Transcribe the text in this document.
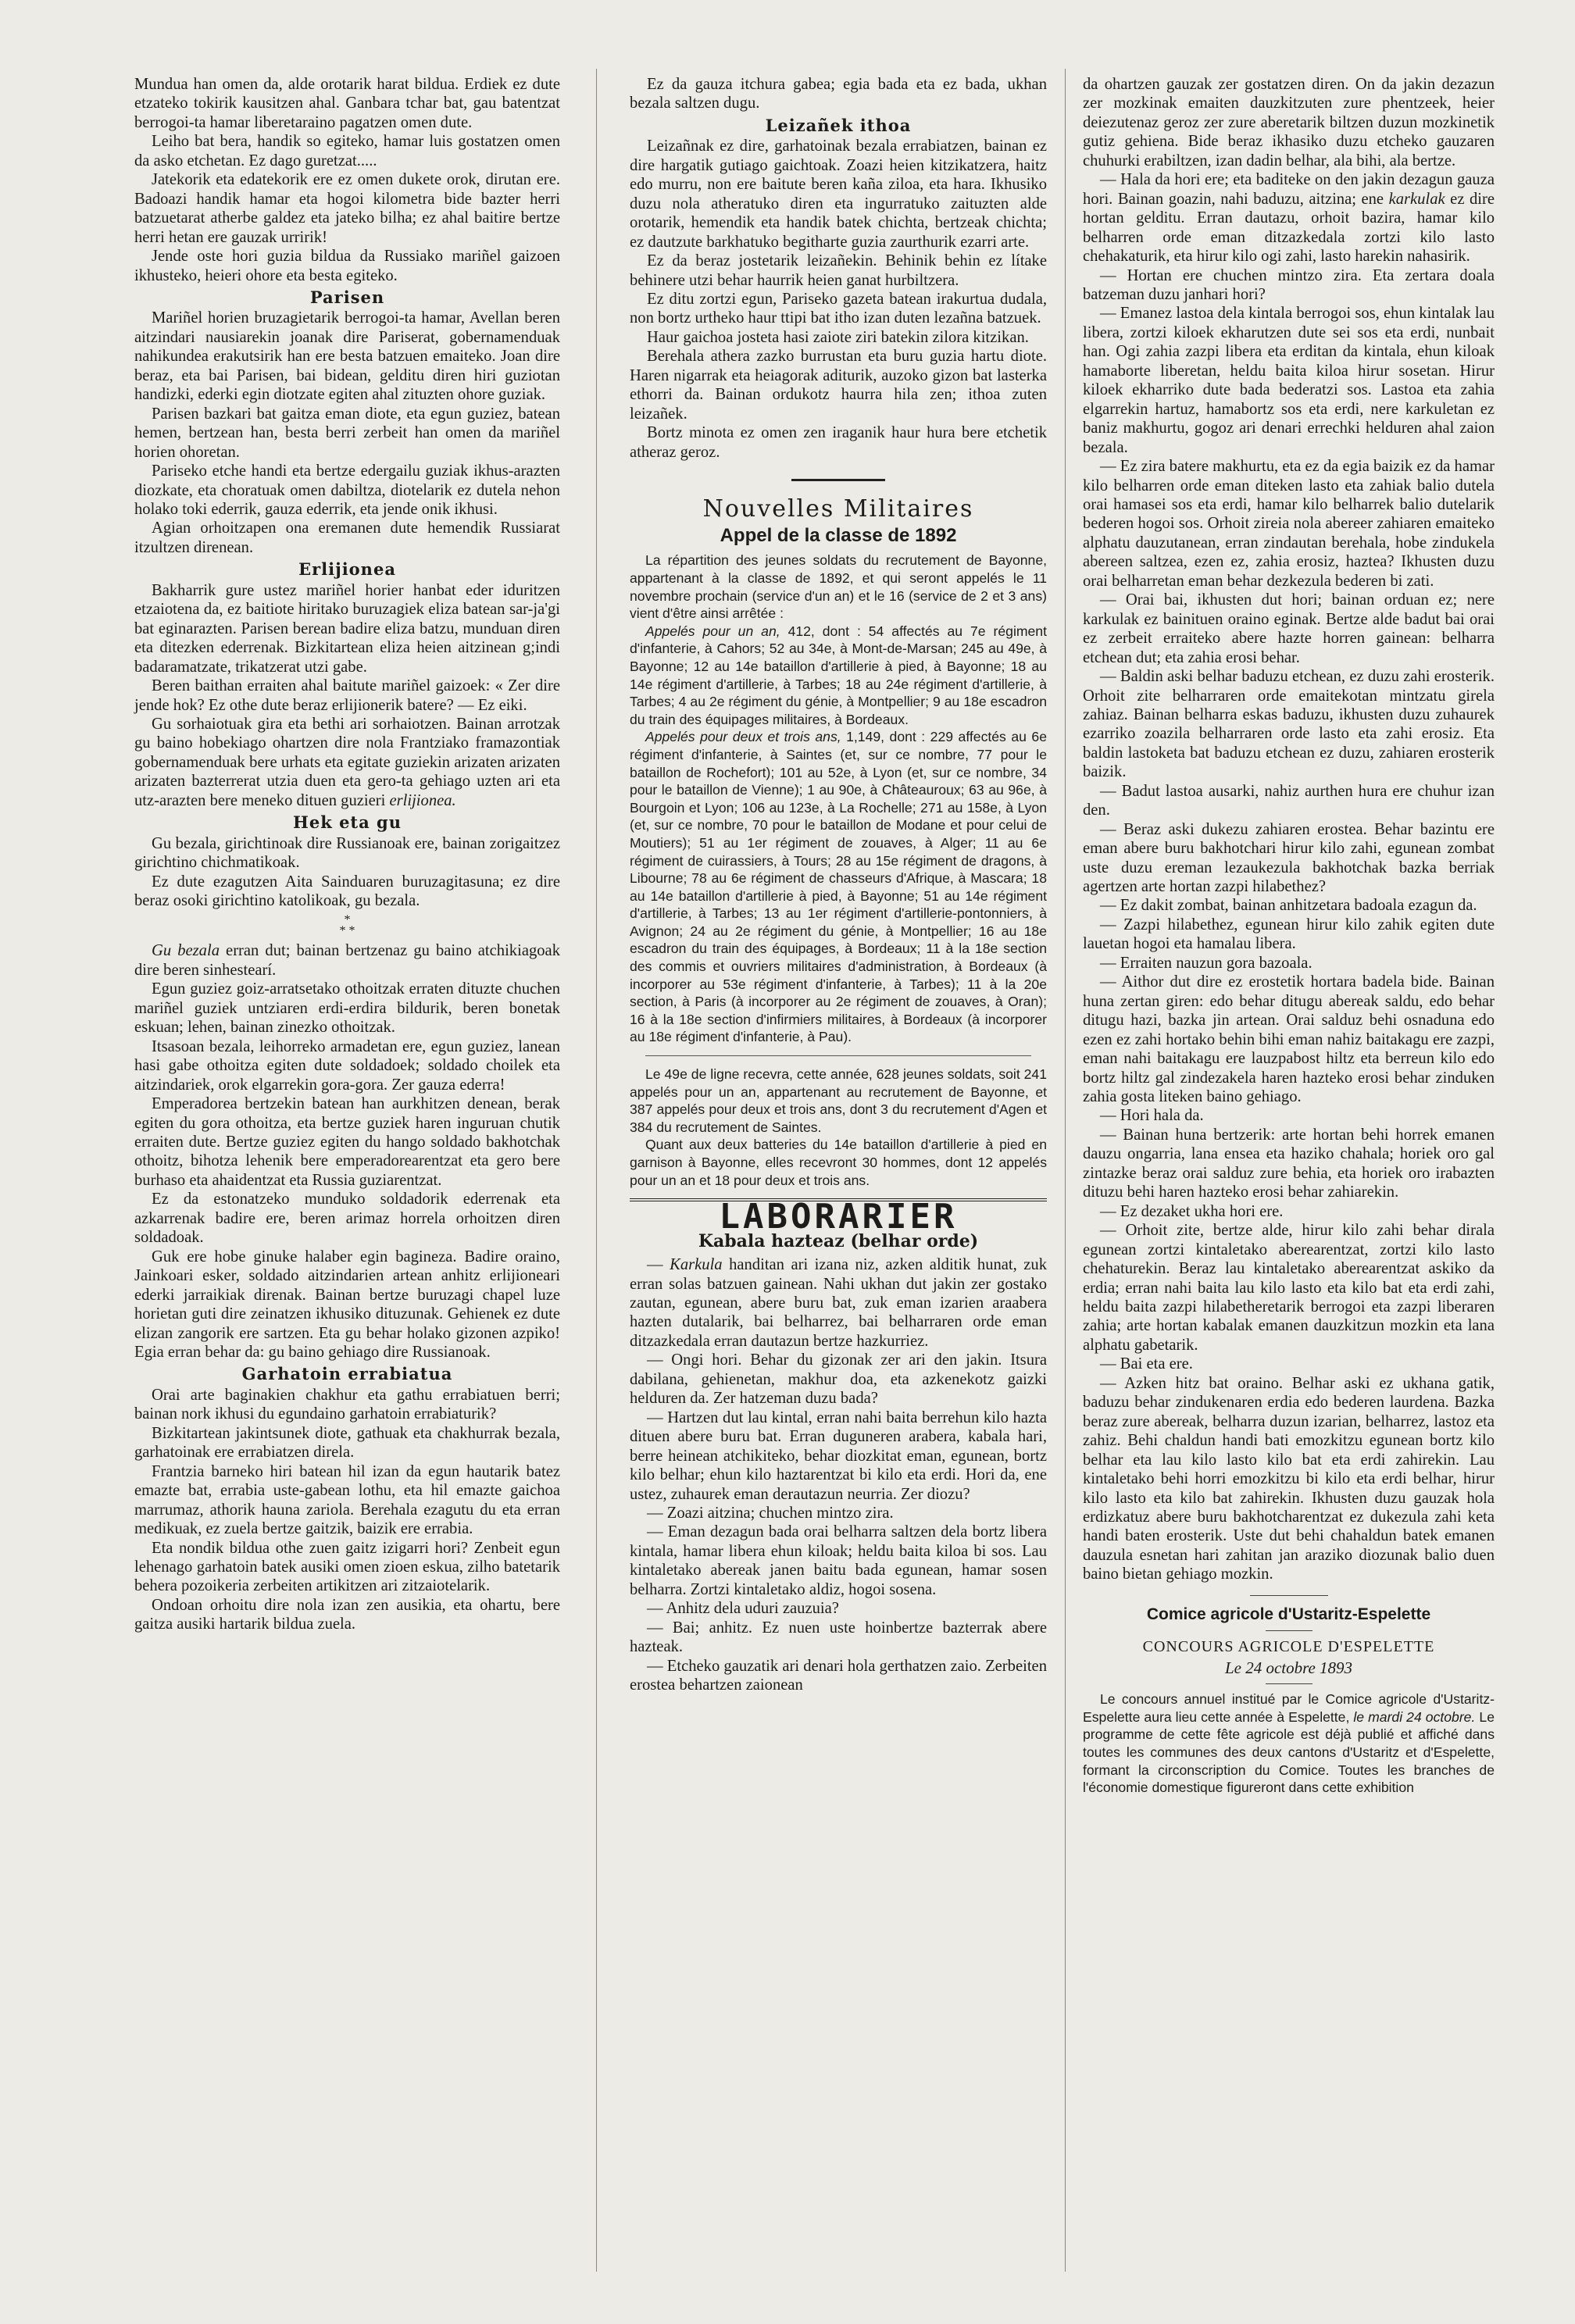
Mundua han omen da, alde orotarik harat bildua. Erdiek ez dute etzateko tokirik kausitzen ahal. Ganbara tchar bat, gau batentzat berrogoi-ta hamar liberetaraino pagatzen omen dute.

Leiho bat bera, handik so egiteko, hamar luis gostatzen omen da asko etchetan. Ez dago guretzat.....

Jatekorik eta edatekorik ere ez omen dukete orok, dirutan ere. Badoazi handik hamar eta hogoi kilometra bide bazter herri batzuetarat atherbe galdez eta jateko bilha; ez ahal baitire bertze herri hetan ere gauzak urririk!

Jende oste hori guzia bildua da Russiako mariñel gaizoen ikhusteko, heieri ohore eta besta egiteko.

Parisen

Mariñel horien bruzagietarik berrogoi-ta hamar, Avellan beren aitzindari nausiarekin joanak dire Pariserat, gobernamenduak nahikundea erakutsirik han ere besta batzuen emaiteko. Joan dire beraz, eta bai Parisen, bai bidean, gelditu diren hiri guziotan handizki, ederki egin diotzate egiten ahal zituzten ohore guziak.

Parisen bazkari bat gaitza eman diote, eta egun guziez, batean hemen, bertzean han, besta berri zerbeit han omen da mariñel horien ohoretan.

Pariseko etche handi eta bertze edergailu guziak ikhus-arazten diozkate, eta choratuak omen dabiltza, diotelarik ez dutela nehon holako toki ederrik, gauza ederrik, eta jende onik ikhusi.

Agian orhoitzapen ona eremanen dute hemendik Russiarat itzultzen direnean.

Erlijionea

Bakharrik gure ustez mariñel horier hanbat eder iduritzen etzaiotena da, ez baitiote hiritako buruzagiek eliza batean sar-ja'gi bat eginarazten. Parisen berean badire eliza batzu, munduan diren eta ditezken ederrenak. Bizkitartean eliza heien aitzinean g;indi badaramatzate, trikatzerat utzi gabe.

Beren baithan erraiten ahal baitute mariñel gaizoek: « Zer dire jende hok? Ez othe dute beraz erlijionerik batere? — Ez eiki.

Gu sorhaiotuak gira eta bethi ari sorhaiotzen. Bainan arrotzak gu baino hobekiago ohartzen dire nola Frantziako framazontiak gobernamenduak bere urhats eta egitate guziekin arizaten arizaten arizaten bazterrerat utzia duen eta gero-ta gehiago uzten ari eta utz-arazten bere meneko dituen guzieri erlijionea.

Hek eta gu

Gu bezala, girichtinoak dire Russianoak ere, bainan zorigaitzez girichtino chichmatikoak.

Ez dute ezagutzen Aita Sainduaren buruzagitasuna; ez dire beraz osoki girichtino katolikoak, gu bezala.

*
* *

Gu bezala erran dut; bainan bertzenaz gu baino atchikiagoak dire beren sinhestearí.

Egun guziez goiz-arratsetako othoitzak erraten dituzte chuchen mariñel guziek untziaren erdi-erdira bildurik, beren bonetak eskuan; lehen, bainan zinezko othoitzak.

Itsasoan bezala, leihorreko armadetan ere, egun guziez, lanean hasi gabe othoitza egiten dute soldadoek; soldado choilek eta aitzindariek, orok elgarrekin gora-gora. Zer gauza ederra!

Emperadorea bertzekin batean han aurkhitzen denean, berak egiten du gora othoitza, eta bertze guziek haren inguruan chutik erraiten dute. Bertze guziez egiten du hango soldado bakhotchak othoitz, bihotza lehenik bere emperadorearentzat eta gero bere burhaso eta ahaidentzat eta Russia guziarentzat.

Ez da estonatzeko munduko soldadorik ederrenak eta azkarrenak badire ere, beren arimaz horrela orhoitzen diren soldadoak.

Guk ere hobe ginuke halaber egin bagineza. Badire oraino, Jainkoari esker, soldado aitzindarien artean anhitz erlijioneari ederki jarraikiak direnak. Bainan bertze buruzagi chapel luze horietan guti dire zeinatzen ikhusiko dituzunak. Gehienek ez dute elizan zangorik ere sartzen. Eta gu behar holako gizonen azpiko! Egia erran behar da: gu baino gehiago dire Russianoak.

Garhatoin errabiatua

Orai arte baginakien chakhur eta gathu errabiatuen berri; bainan nork ikhusi du egundaino garhatoin errabiaturik?

Bizkitartean jakintsunek diote, gathuak eta chakhurrak bezala, garhatoinak ere errabiatzen direla.

Frantzia barneko hiri batean hil izan da egun hautarik batez emazte bat, errabia uste-gabean lothu, eta hil emazte gaichoa marrumaz, athorik hauna zariola. Berehala ezagutu du eta erran medikuak, ez zuela bertze gaitzik, baizik ere errabia.

Eta nondik bildua othe zuen gaitz izigarri hori? Zenbeit egun lehenago garhatoin batek ausiki omen zioen eskua, zilho batetarik behera pozoikeria zerbeiten artikitzen ari zitzaiotelarik.

Ondoan orhoitu dire nola izan zen ausikia, eta ohartu, bere gaitza ausiki hartarik bildua zuela.

Ez da gauza itchura gabea; egia bada eta ez bada, ukhan bezala saltzen dugu.

Leizañek ithoa

Leizañnak ez dire, garhatoinak bezala errabiatzen, bainan ez dire hargatik gutiago gaichtoak. Zoazi heien kitzikatzera, haitz edo murru, non ere baitute beren kaña ziloa, eta hara. Ikhusiko duzu nola atheratuko diren eta ingurratuko zaituzten alde orotarik, hemendik eta handik batek chichta, bertzeak chichta; ez dautzute barkhatuko begitharte guzia zaurthurik ezarri arte.

Ez da beraz jostetarik leizañekin. Behinik behin ez lítake behinere utzi behar haurrik heien ganat hurbiltzera.

Ez ditu zortzi egun, Pariseko gazeta batean irakurtua dudala, non bortz urtheko haur ttipi bat itho izan duten lezañna batzuek.

Haur gaichoa josteta hasi zaiote ziri batekin zilora kitzikan.

Berehala athera zazko burrustan eta buru guzia hartu diote. Haren nigarrak eta heiagorak aditurik, auzoko gizon bat lasterka ethorri da. Bainan ordukotz haurra hila zen; ithoa zuten leizañek.

Bortz minota ez omen zen iraganik haur hura bere etchetik atheraz geroz.

Nouvelles Militaires
Appel de la classe de 1892

La répartition des jeunes soldats du recrutement de Bayonne, appartenant à la classe de 1892, et qui seront appelés le 11 novembre prochain (service d'un an) et le 16 (service de 2 et 3 ans) vient d'être ainsi arrêtée :

Appelés pour un an, 412, dont : 54 affectés au 7e régiment d'infanterie, à Cahors; 52 au 34e, à Mont-de-Marsan; 245 au 49e, à Bayonne; 12 au 14e bataillon d'artillerie à pied, à Bayonne; 18 au 14e régiment d'artillerie, à Tarbes; 18 au 24e régiment d'artillerie, à Tarbes; 4 au 2e régiment du génie, à Montpellier; 9 au 18e escadron du train des équipages militaires, à Bordeaux.

Appelés pour deux et trois ans, 1,149, dont : 229 affectés au 6e régiment d'infanterie, à Saintes (et, sur ce nombre, 77 pour le bataillon de Rochefort); 101 au 52e, à Lyon (et, sur ce nombre, 34 pour le bataillon de Vienne); 1 au 90e, à Châteauroux; 63 au 96e, à Bourgoin et Lyon; 106 au 123e, à La Rochelle; 271 au 158e, à Lyon (et, sur ce nombre, 70 pour le bataillon de Modane et pour celui de Moutiers); 51 au 1er régiment de zouaves, à Alger; 11 au 6e régiment de cuirassiers, à Tours; 28 au 15e régiment de dragons, à Libourne; 78 au 6e régiment de chasseurs d'Afrique, à Mascara; 18 au 14e bataillon d'artillerie à pied, à Bayonne; 51 au 14e régiment d'artillerie, à Tarbes; 13 au 1er régiment d'artillerie-pontonniers, à Avignon; 24 au 2e régiment du génie, à Montpellier; 16 au 18e escadron du train des équipages, à Bordeaux; 11 à la 18e section des commis et ouvriers militaires d'administration, à Bordeaux (à incorporer au 53e régiment d'infanterie, à Tarbes); 11 à la 20e section, à Paris (à incorporer au 2e régiment de zouaves, à Oran); 16 à la 18e section d'infirmiers militaires, à Bordeaux (à incorporer au 18e régiment d'infanterie, à Pau).

Le 49e de ligne recevra, cette année, 628 jeunes soldats, soit 241 appelés pour un an, appartenant au recrutement de Bayonne, et 387 appelés pour deux et trois ans, dont 3 du recrutement d'Agen et 384 du recrutement de Saintes.

Quant aux deux batteries du 14e bataillon d'artillerie à pied en garnison à Bayonne, elles recevront 30 hommes, dont 12 appelés pour un an et 18 pour deux et trois ans.

LABORARIER
Kabala hazteaz (belhar orde)

— Karkula handitan ari izana niz, azken alditik hunat, zuk erran solas batzuen gainean. Nahi ukhan dut jakin zer gostako zautan, egunean, abere buru bat, zuk eman izarien araabera hazten dutalarik, bai belharrez, bai belharraren orde eman ditzazkedala erran dautazun bertze hazkurriez.

— Ongi hori. Behar du gizonak zer ari den jakin. Itsura dabilana, gehienetan, makhur doa, eta azkenekotz gaizki helduren da. Zer hatzeman duzu bada?

— Hartzen dut lau kintal, erran nahi baita berrehun kilo hazta dituen abere buru bat. Erran duguneren arabera, kabala hari, berre heinean atchikiteko, behar diozkitat eman, egunean, bortz kilo belhar; ehun kilo haztarentzat bi kilo eta erdi. Hori da, ene ustez, zuhaurek eman derautazun neurria. Zer diozu?

— Zoazi aitzina; chuchen mintzo zira.

— Eman dezagun bada orai belharra saltzen dela bortz libera kintala, hamar libera ehun kiloak; heldu baita kiloa bi sos. Lau kintaletako abereak janen baitu bada egunean, hamar sosen belharra. Zortzi kintaletako aldiz, hogoi sosena.

— Anhitz dela uduri zauzuia?

— Bai; anhitz. Ez nuen uste hoinbertze bazterrak abere hazteak.

— Etcheko gauzatik ari denari hola gerthatzen zaio. Zerbeiten erostea behartzen zaionean

da ohartzen gauzak zer gostatzen diren. On da jakin dezazun zer mozkinak emaiten dauzkitzuten zure phentzeek, heier deiezutenaz geroz zer zure aberetarik biltzen duzun mozkinetik gutiz gehiena. Bide beraz ikhasiko duzu etcheko gauzaren chuhurki erabiltzen, izan dadin belhar, ala bihi, ala bertze.

— Hala da hori ere; eta baditeke on den jakin dezagun gauza hori. Bainan goazin, nahi baduzu, aitzina; ene karkulak ez dire hortan gelditu. Erran dautazu, orhoit bazira, hamar kilo belharren orde eman ditzazkedala zortzi kilo lasto chehakaturik, eta hirur kilo ogi zahi, lasto harekin nahasirik.

— Hortan ere chuchen mintzo zira. Eta zertara doala batzeman duzu janhari hori?

— Emanez lastoa dela kintala berrogoi sos, ehun kintalak lau libera, zortzi kiloek ekharutzen dute sei sos eta erdi, nunbait han. Ogi zahia zazpi libera eta erditan da kintala, ehun kiloak hamaborte liberetan, heldu baita kiloa hirur sosetan. Hirur kiloek ekharriko dute bada bederatzi sos. Lastoa eta zahia elgarrekin hartuz, hamabortz sos eta erdi, nere karkuletan ez baniz makhurtu, gogoz ari denari errechki helduren ahal zaion bezala.

— Ez zira batere makhurtu, eta ez da egia baizik ez da hamar kilo belharren orde eman diteken lasto eta zahiak balio dutela orai hamasei sos eta erdi, hamar kilo belharrek balio dutelarik bederen hogoi sos. Orhoit zireia nola abereer zahiaren emaiteko alphatu dauzutanean, erran zindautan berehala, hobe zindukela abereen saltzea, ezen ez, zahia erosiz, haztea? Ikhusten duzu orai belharretan eman behar dezkezula bederen bi zati.

— Orai bai, ikhusten dut hori; bainan orduan ez; nere karkulak ez bainituen oraino eginak. Bertze alde badut bai orai ez zerbeit erraiteko abere hazte horren gainean: belharra etchean dut; eta zahia erosi behar.

— Baldin aski belhar baduzu etchean, ez duzu zahi erosterik. Orhoit zite belharraren orde emaitekotan mintzatu girela zahiaz. Bainan belharra eskas baduzu, ikhusten duzu zuhaurek ezarriko zoazila belharraren orde lasto eta zahi erosiz. Eta baldin lastoketa bat baduzu etchean ez duzu, zahiaren erosterik baizik.

— Badut lastoa ausarki, nahiz aurthen hura ere chuhur izan den.

— Beraz aski dukezu zahiaren erostea. Behar bazintu ere eman abere buru bakhotchari hirur kilo zahi, egunean zombat uste duzu ereman lezaukezula bakhotchak bazka berriak agertzen arte hortan zazpi hilabethez?

— Ez dakit zombat, bainan anhitzetara badoala ezagun da.

— Zazpi hilabethez, egunean hirur kilo zahik egiten dute lauetan hogoi eta hamalau libera.

— Erraiten nauzun gora bazoala.

— Aithor dut dire ez erostetik hortara badela bide. Bainan huna zertan giren: edo behar ditugu abereak saldu, edo behar ditugu hazi, bazka jin artean. Orai salduz behi osnaduna edo ezen ez zahi hortako behin bihi eman nahiz baitakagu ere zazpi, eman nahi baitakagu ere lauzpabost hiltz eta berreun kilo edo bortz hiltz gal zindezakela haren hazteko erosi behar zinduken zahia gosta liteken baino gehiago.

— Hori hala da.

— Bainan huna bertzerik: arte hortan behi horrek emanen dauzu ongarria, lana ensea eta haziko chahala; horiek oro gal zintazke beraz orai salduz zure behia, eta horiek oro irabazten dituzu behi haren hazteko erosi behar zahiarekin.

— Ez dezaket ukha hori ere.

— Orhoit zite, bertze alde, hirur kilo zahi behar dirala egunean zortzi kintaletako aberearentzat, zortzi kilo lasto chehaturekin. Beraz lau kintaletako aberearentzat askiko da erdia; erran nahi baita lau kilo lasto eta kilo bat eta erdi zahi, heldu baita zazpi hilabetheretarik berrogoi eta zazpi liberaren zahia; arte hortan kabalak emanen dauzkitzun mozkin eta lana alphatu gabetarik.

— Bai eta ere.

— Azken hitz bat oraino. Belhar aski ez ukhana gatik, baduzu behar zindukenaren erdia edo bederen laurdena. Bazka beraz zure abereak, belharra duzun izarian, belharrez, lastoz eta zahiz. Behi chaldun handi bati emozkitzu egunean bortz kilo belhar eta lau kilo lasto kilo bat eta erdi zahirekin. Lau kintaletako behi horri emozkitzu bi kilo eta erdi belhar, hirur kilo lasto eta kilo bat zahirekin. Ikhusten duzu gauzak hola erdizkatuz abere buru bakhotcharentzat ez dukezula zahi keta handi baten erosterik. Uste dut behi chahaldun batek emanen dauzula esnetan hari zahitan jan araziko diozunak balio duen baino bietan gehiago mozkin.

Comice agricole d'Ustaritz-Espelette
CONCOURS AGRICOLE D'ESPELETTE
Le 24 octobre 1893

Le concours annuel institué par le Comice agricole d'Ustaritz-Espelette aura lieu cette année à Espelette, le mardi 24 octobre. Le programme de cette fête agricole est déjà publié et affiché dans toutes les communes des deux cantons d'Ustaritz et d'Espelette, formant la circonscription du Comice. Toutes les branches de l'économie domestique figureront dans cette exhibition
